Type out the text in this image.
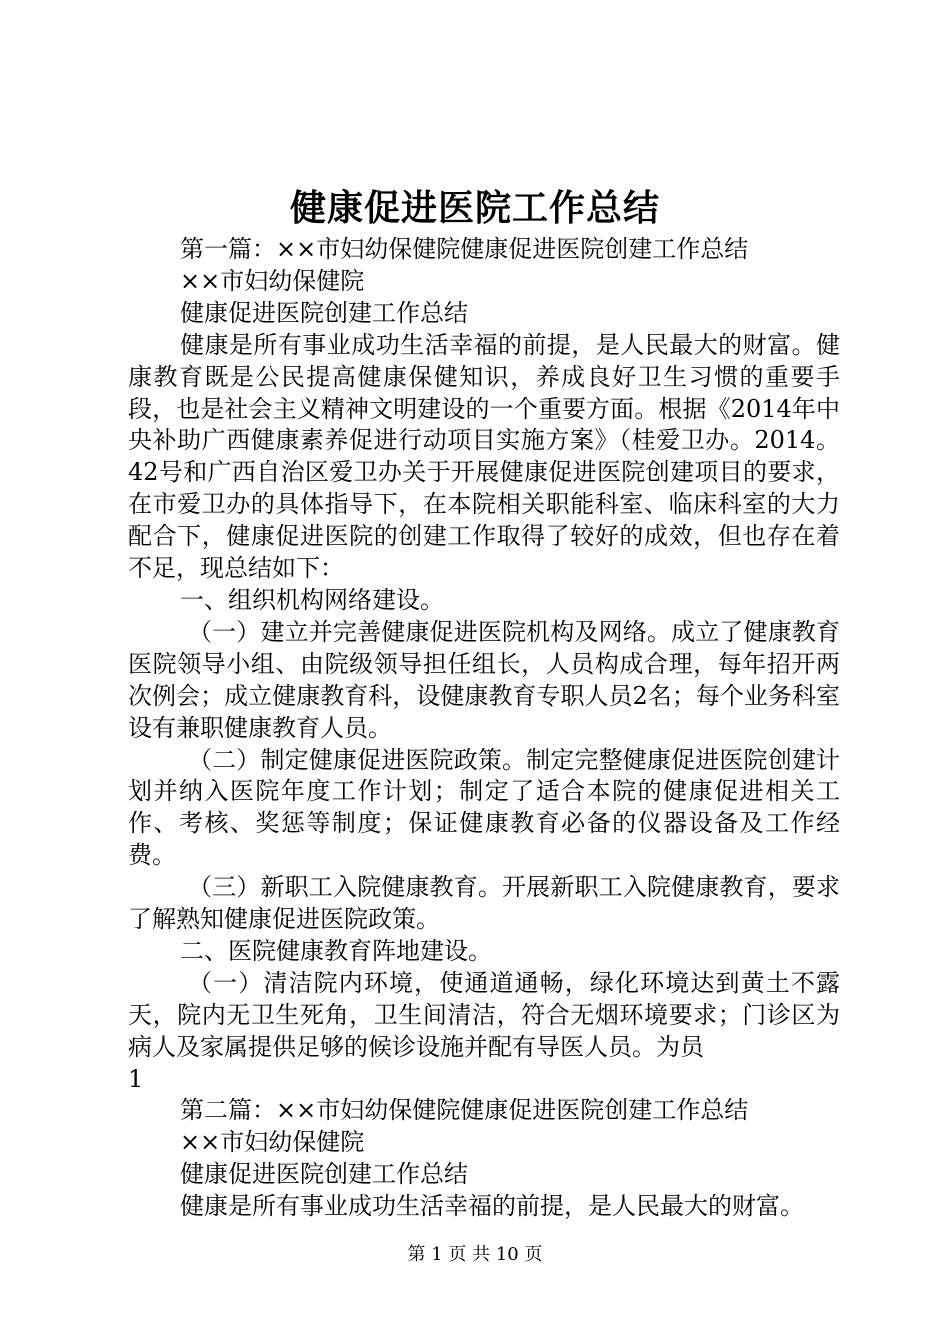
健康促进医院工作总结

第一篇：××市妇幼保健院健康促进医院创建工作总结

××市妇幼保健院

健康促进医院创建工作总结

健康是所有事业成功生活幸福的前提，是人民最大的财富。健康教育既是公民提高健康保健知识，养成良好卫生习惯的重要手段，也是社会主义精神文明建设的一个重要方面。根据《2014年中央补助广西健康素养促进行动项目实施方案》（桂爱卫办。2014。42号和广西自治区爱卫办关于开展健康促进医院创建项目的要求，在市爱卫办的具体指导下，在本院相关职能科室、临床科室的大力配合下，健康促进医院的创建工作取得了较好的成效，但也存在着不足，现总结如下：

一、组织机构网络建设。

（一）建立并完善健康促进医院机构及网络。成立了健康教育医院领导小组、由院级领导担任组长，人员构成合理，每年招开两次例会；成立健康教育科，设健康教育专职人员2名；每个业务科室设有兼职健康教育人员。

（二）制定健康促进医院政策。制定完整健康促进医院创建计划并纳入医院年度工作计划；制定了适合本院的健康促进相关工作、考核、奖惩等制度；保证健康教育必备的仪器设备及工作经费。

（三）新职工入院健康教育。开展新职工入院健康教育，要求了解熟知健康促进医院政策。

二、医院健康教育阵地建设。

（一）清洁院内环境，使通道通畅，绿化环境达到黄土不露天，院内无卫生死角，卫生间清洁，符合无烟环境要求；门诊区为病人及家属提供足够的候诊设施并配有导医人员。为员

1

第二篇：××市妇幼保健院健康促进医院创建工作总结

××市妇幼保健院

健康促进医院创建工作总结

健康是所有事业成功生活幸福的前提，是人民最大的财富。

第 1 页 共 10 页
